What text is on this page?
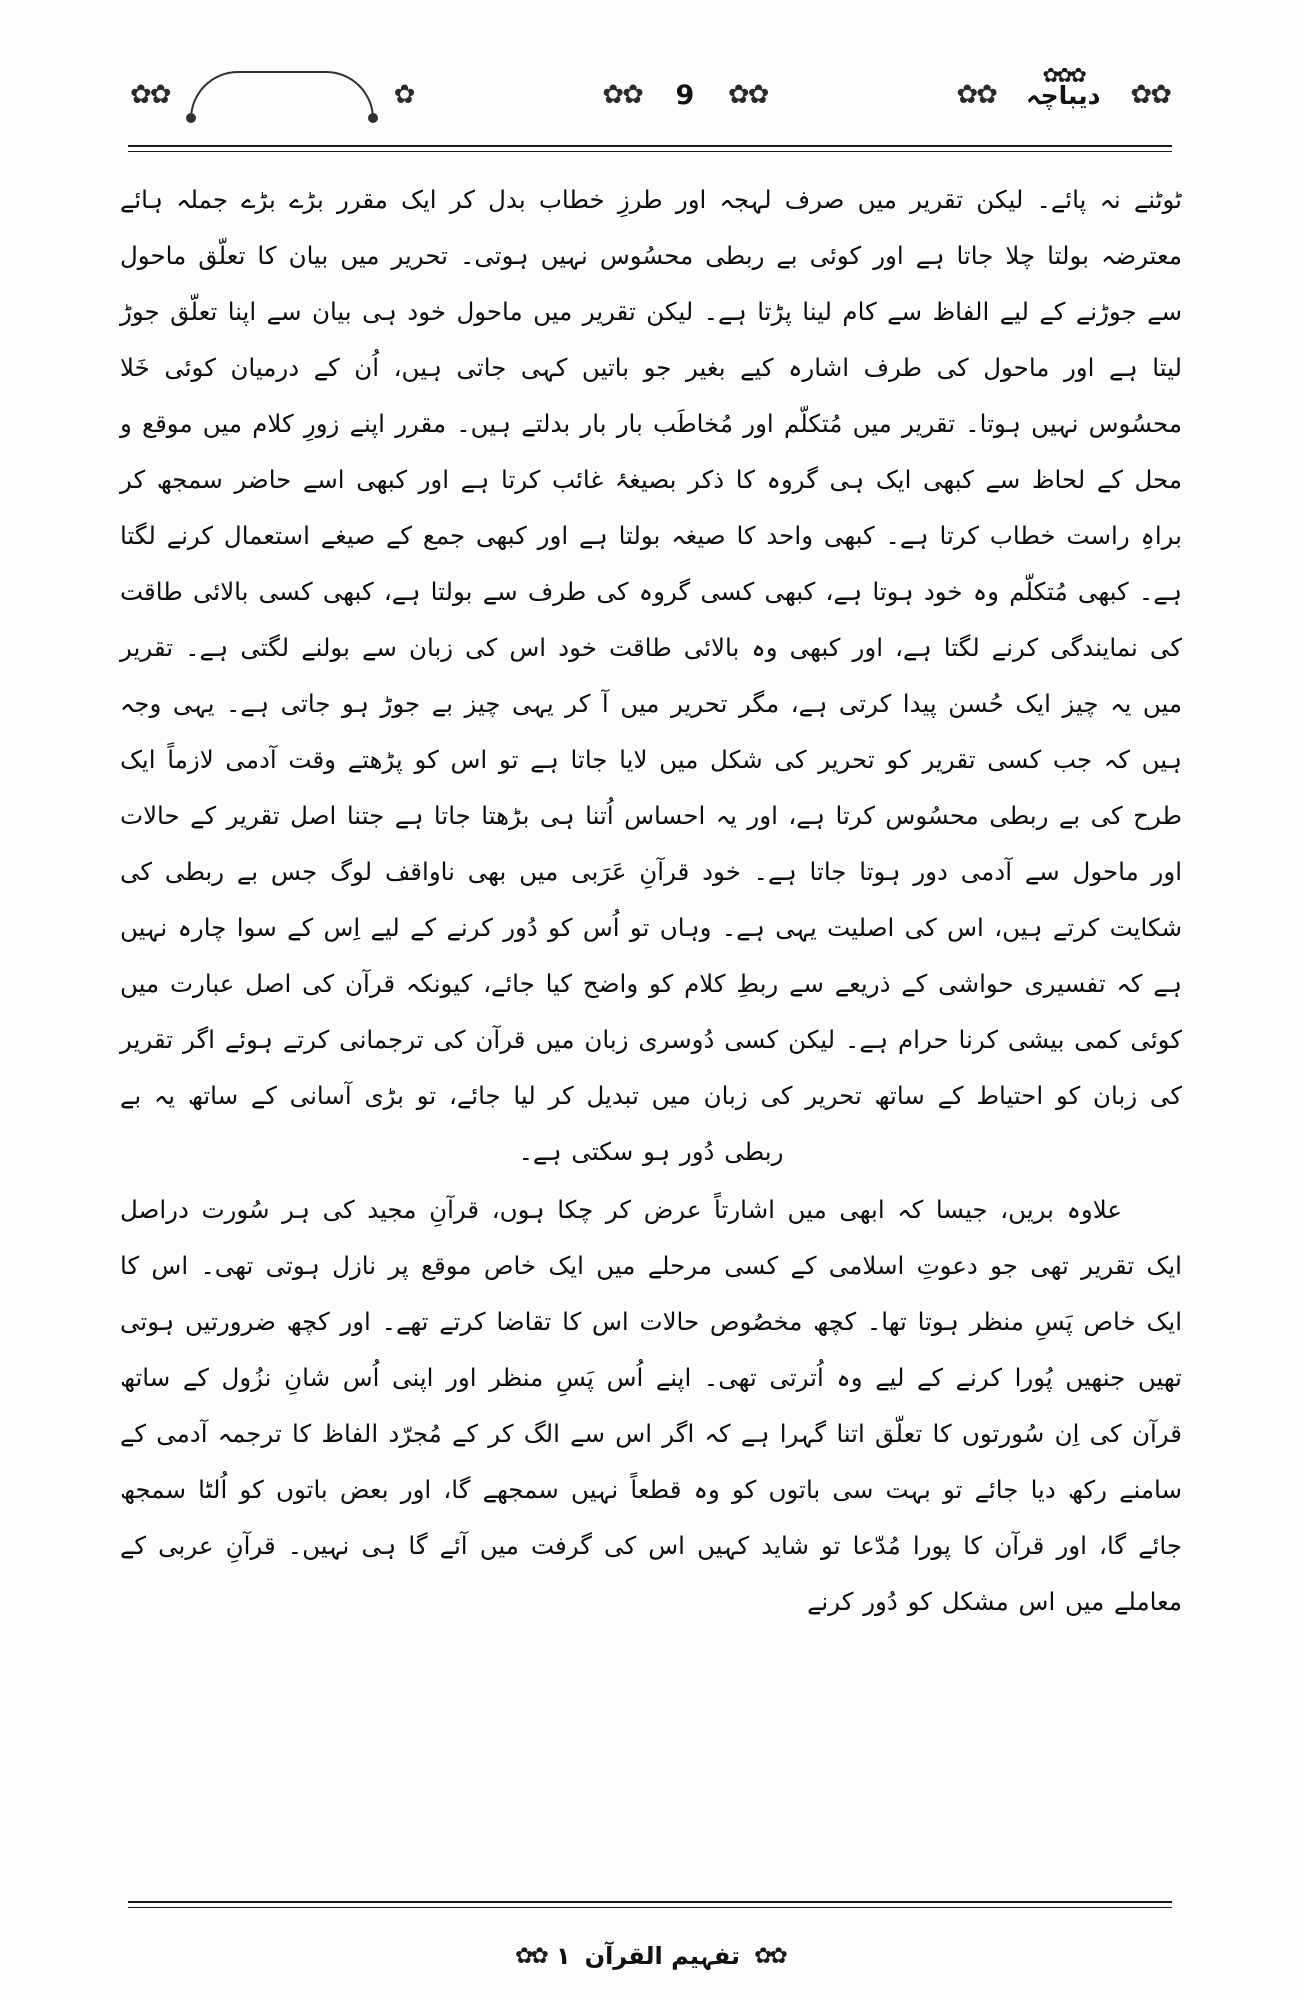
✿✿
✿✿✿
دیباچہ
✿✿
✿✿
9
✿✿
✿
✿✿

ٹوٹنے نہ پائے۔ لیکن تقریر میں صرف لہجہ اور طرزِ خطاب بدل کر ایک مقرر بڑے بڑے جملہ ہائے معترضہ بولتا چلا جاتا ہے اور کوئی بے ربطی محسُوس نہیں ہوتی۔ تحریر میں بیان کا تعلّق ماحول سے جوڑنے کے لیے الفاظ سے کام لینا پڑتا ہے۔ لیکن تقریر میں ماحول خود ہی بیان سے اپنا تعلّق جوڑ لیتا ہے اور ماحول کی طرف اشارہ کیے بغیر جو باتیں کہی جاتی ہیں، اُن کے درمیان کوئی خَلا محسُوس نہیں ہوتا۔ تقریر میں مُتکلّم اور مُخاطَب بار بار بدلتے ہیں۔ مقرر اپنے زورِ کلام میں موقع و محل کے لحاظ سے کبھی ایک ہی گروہ کا ذکر بصیغۂ غائب کرتا ہے اور کبھی اسے حاضر سمجھ کر براہِ راست خطاب کرتا ہے۔ کبھی واحد کا صیغہ بولتا ہے اور کبھی جمع کے صیغے استعمال کرنے لگتا ہے۔ کبھی مُتکلّم وہ خود ہوتا ہے، کبھی کسی گروہ کی طرف سے بولتا ہے، کبھی کسی بالائی طاقت کی نمایندگی کرنے لگتا ہے، اور کبھی وہ بالائی طاقت خود اس کی زبان سے بولنے لگتی ہے۔ تقریر میں یہ چیز ایک حُسن پیدا کرتی ہے، مگر تحریر میں آ کر یہی چیز بے جوڑ ہو جاتی ہے۔ یہی وجہ ہیں کہ جب کسی تقریر کو تحریر کی شکل میں لایا جاتا ہے تو اس کو پڑھتے وقت آدمی لازماً ایک طرح کی بے ربطی محسُوس کرتا ہے، اور یہ احساس اُتنا ہی بڑھتا جاتا ہے جتنا اصل تقریر کے حالات اور ماحول سے آدمی دور ہوتا جاتا ہے۔ خود قرآنِ عَرَبی میں بھی ناواقف لوگ جس بے ربطی کی شکایت کرتے ہیں، اس کی اصلیت یہی ہے۔ وہاں تو اُس کو دُور کرنے کے لیے اِس کے سوا چارہ نہیں ہے کہ تفسیری حواشی کے ذریعے سے ربطِ کلام کو واضح کیا جائے، کیونکہ قرآن کی اصل عبارت میں کوئی کمی بیشی کرنا حرام ہے۔ لیکن کسی دُوسری زبان میں قرآن کی ترجمانی کرتے ہوئے اگر تقریر کی زبان کو احتیاط کے ساتھ تحریر کی زبان میں تبدیل کر لیا جائے، تو بڑی آسانی کے ساتھ یہ بے ربطی دُور ہو سکتی ہے۔

علاوہ بریں، جیسا کہ ابھی میں اشارتاً عرض کر چکا ہوں، قرآنِ مجید کی ہر سُورت دراصل ایک تقریر تھی جو دعوتِ اسلامی کے کسی مرحلے میں ایک خاص موقع پر نازل ہوتی تھی۔ اس کا ایک خاص پَسِ منظر ہوتا تھا۔ کچھ مخصُوص حالات اس کا تقاضا کرتے تھے۔ اور کچھ ضرورتیں ہوتی تھیں جنھیں پُورا کرنے کے لیے وہ اُترتی تھی۔ اپنے اُس پَسِ منظر اور اپنی اُس شانِ نزُول کے ساتھ قرآن کی اِن سُورتوں کا تعلّق اتنا گہرا ہے کہ اگر اس سے الگ کر کے مُجرّد الفاظ کا ترجمہ آدمی کے سامنے رکھ دیا جائے تو بہت سی باتوں کو وہ قطعاً نہیں سمجھے گا، اور بعض باتوں کو اُلٹا سمجھ جائے گا، اور قرآن کا پورا مُدّعا تو شاید کہیں اس کی گرفت میں آئے گا ہی نہیں۔ قرآنِ عربی کے معاملے میں اس مشکل کو دُور کرنے

✿✿
تفہیم القرآن
۱
✿✿
